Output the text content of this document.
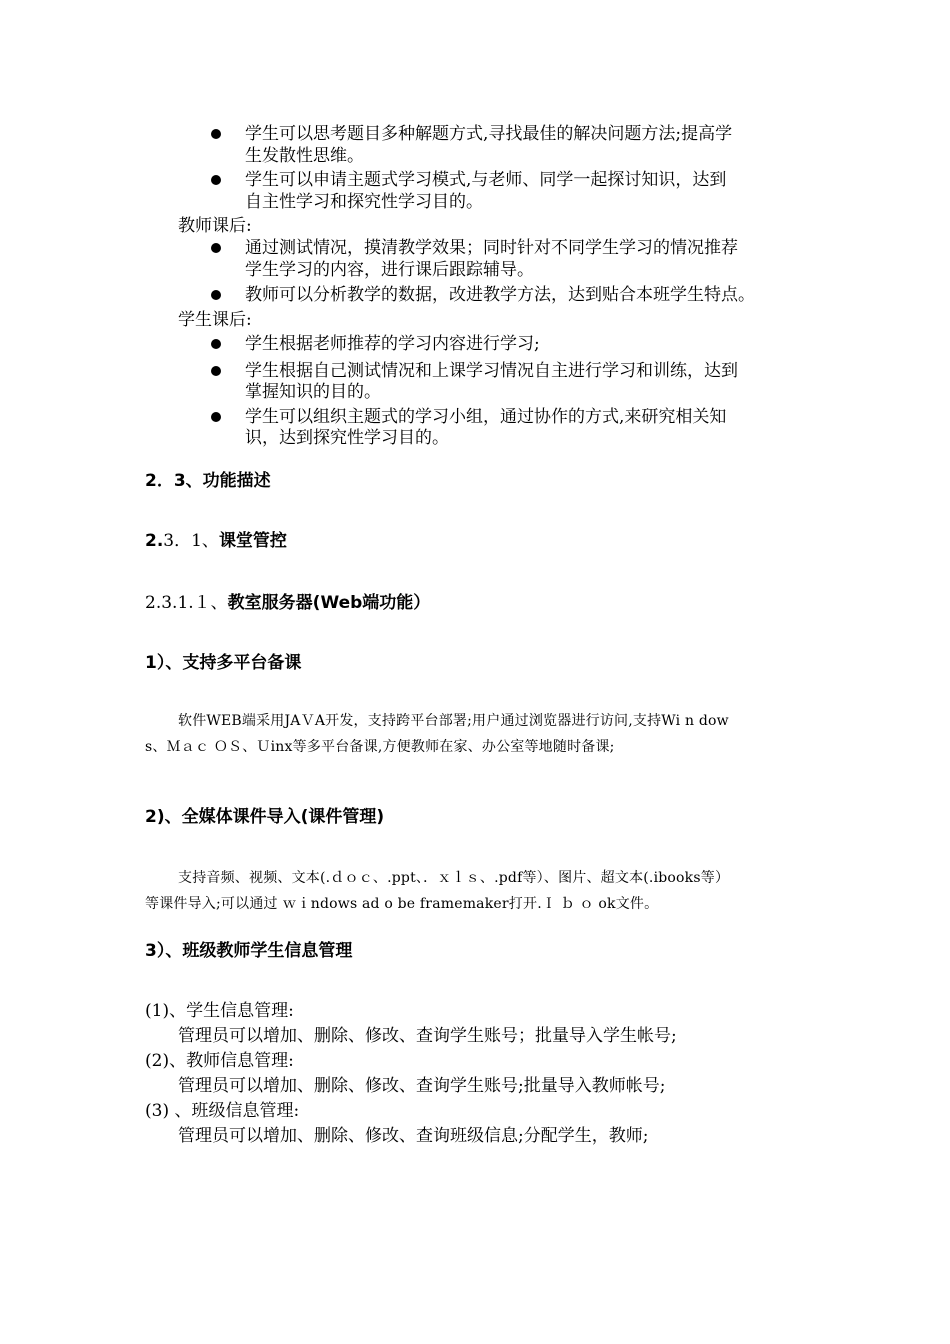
学生可以思考题目多种解题方式,寻找最佳的解决问题方法;提高学
生发散性思维。
学生可以申请主题式学习模式,与老师、同学一起探讨知识，达到
自主性学习和探究性学习目的。
教师课后:
通过测试情况，摸清教学效果；同时针对不同学生学习的情况推荐
学生学习的内容，进行课后跟踪辅导。
教师可以分析教学的数据，改进教学方法，达到贴合本班学生特点。
学生课后:
学生根据老师推荐的学习内容进行学习;
学生根据自己测试情况和上课学习情况自主进行学习和训练，达到
掌握知识的目的。
学生可以组织主题式的学习小组，通过协作的方式,来研究相关知
识，达到探究性学习目的。
2．3、功能描述
2.3．1、课堂管控
2.3.1.１、教室服务器(Web端功能）
1）、支持多平台备课
软件WEB端采用JAＶA开发，支持跨平台部署;用户通过浏览器进行访问,支持Wi n dow
s、Ｍａｃ ＯＳ、Ｕinx等多平台备课,方便教师在家、办公室等地随时备课;
2)、全媒体课件导入(课件管理)
支持音频、视频、文本(.ｄｏｃ、.ppt、．ｘｌｓ、.pdf等）、图片、超文本(.ibooks等）
等课件导入;可以通过 ｗｉndows ad o be framemaker打开.Ｉ ｂ ｏ ok文件。
3）、班级教师学生信息管理
(1)、学生信息管理:
管理员可以增加、删除、修改、查询学生账号；批量导入学生帐号;
(2)、教师信息管理:
管理员可以增加、删除、修改、查询学生账号;批量导入教师帐号;
(3) 、班级信息管理:
管理员可以增加、删除、修改、查询班级信息;分配学生，教师;
